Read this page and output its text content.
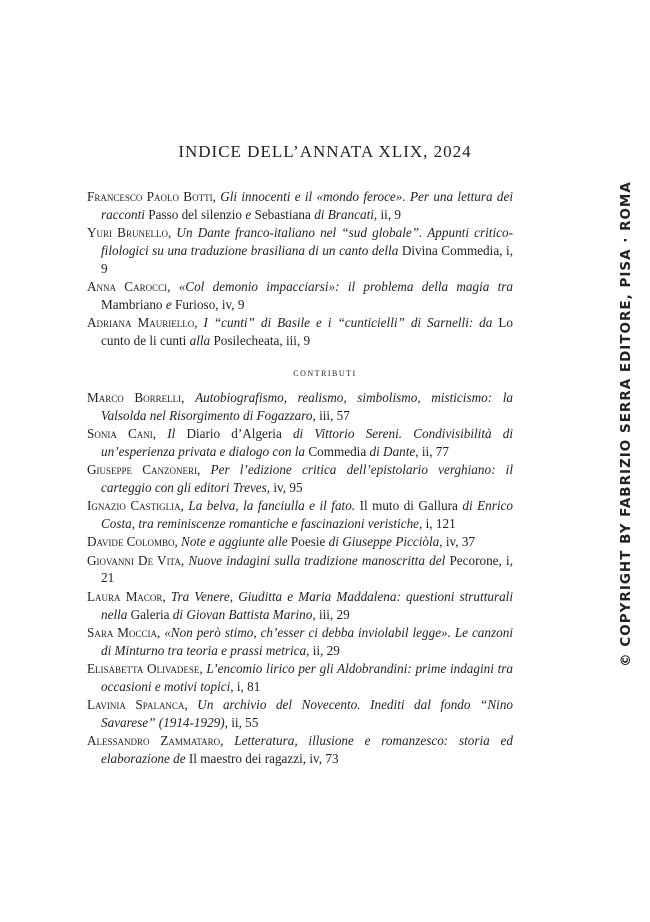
INDICE DELL’ANNATA XLIX, 2024

Francesco Paolo Botti, Gli innocenti e il «mondo feroce». Per una lettura dei racconti Passo del silenzio e Sebastiana di Brancati, ii, 9

Yuri Brunello, Un Dante franco-italiano nel “sud globale”. Appunti critico-filologici su una traduzione brasiliana di un canto della Divina Commedia, i, 9

Anna Carocci, «Col demonio impacciarsi»: il problema della magia tra Mambriano e Furioso, iv, 9

Adriana Mauriello, I “cunti” di Basile e i “cunticielli” di Sarnelli: da Lo cunto de li cunti alla Posilecheata, iii, 9

contributi

Marco Borrelli, Autobiografismo, realismo, simbolismo, misticismo: la Valsolda nel Risorgimento di Fogazzaro, iii, 57

Sonia Cani, Il Diario d’Algeria di Vittorio Sereni. Condivisibilità di un’esperienza privata e dialogo con la Commedia di Dante, ii, 77

Giuseppe Canzoneri, Per l’edizione critica dell’epistolario verghiano: il carteggio con gli editori Treves, iv, 95

Ignazio Castiglia, La belva, la fanciulla e il fato. Il muto di Gallura di Enrico Costa, tra reminiscenze romantiche e fascinazioni veristiche, i, 121

Davide Colombo, Note e aggiunte alle Poesie di Giuseppe Picciòla, iv, 37

Giovanni De Vita, Nuove indagini sulla tradizione manoscritta del Pecorone, i, 21

Laura Macor, Tra Venere, Giuditta e Maria Maddalena: questioni strutturali nella Galeria di Giovan Battista Marino, iii, 29

Sara Moccia, «Non però stimo, ch’esser ci debba inviolabil legge». Le canzoni di Minturno tra teoria e prassi metrica, ii, 29

Elisabetta Olivadese, L’encomio lirico per gli Aldobrandini: prime indagini tra occasioni e motivi topici, i, 81

Lavinia Spalanca, Un archivio del Novecento. Inediti dal fondo “Nino Savarese” (1914-1929), ii, 55

Alessandro Zammataro, Letteratura, illusione e romanzesco: storia ed elaborazione de Il maestro dei ragazzi, iv, 73

© COPYRIGHT BY FABRIZIO SERRA EDITORE, PISA · ROMA
